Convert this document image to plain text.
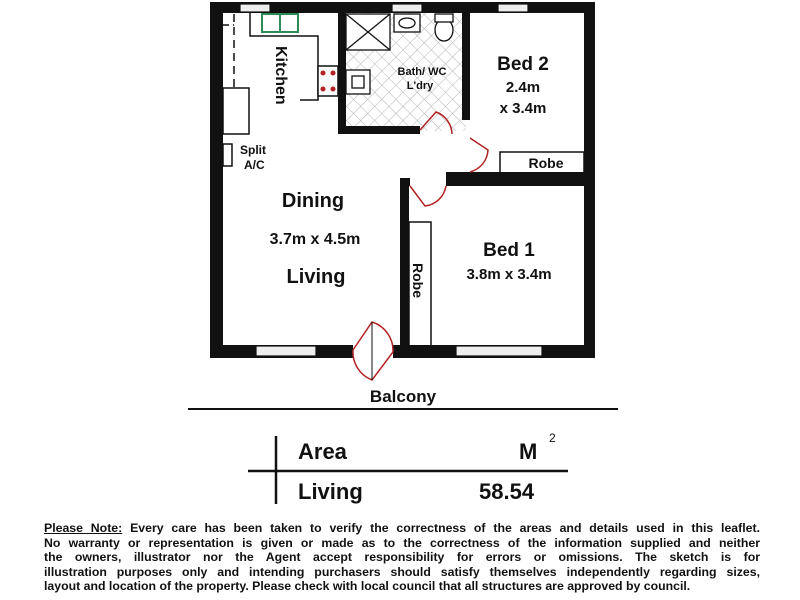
Kitchen	Bath/ WC
L'dry
Bed 2
2.4m
x 3.4m
Robe
Split
A/C
Dining
3.7m x 4.5m
Living	Robe
Bed 1
3.8m x 3.4m
Balcony
Area	M
2
Living	58.54
Please Note: Every care has been taken to verify the correctness of the areas and details used in this leaflet.
No warranty or representation is given or made as to the correctness of the information supplied and neither
the owners, illustrator nor the Agent accept responsibility for errors or omissions. The sketch is for
illustration purposes only and intending purchasers should satisfy themselves independently regarding sizes,
layout and location of the property. Please check with local council that all structures are approved by council.
